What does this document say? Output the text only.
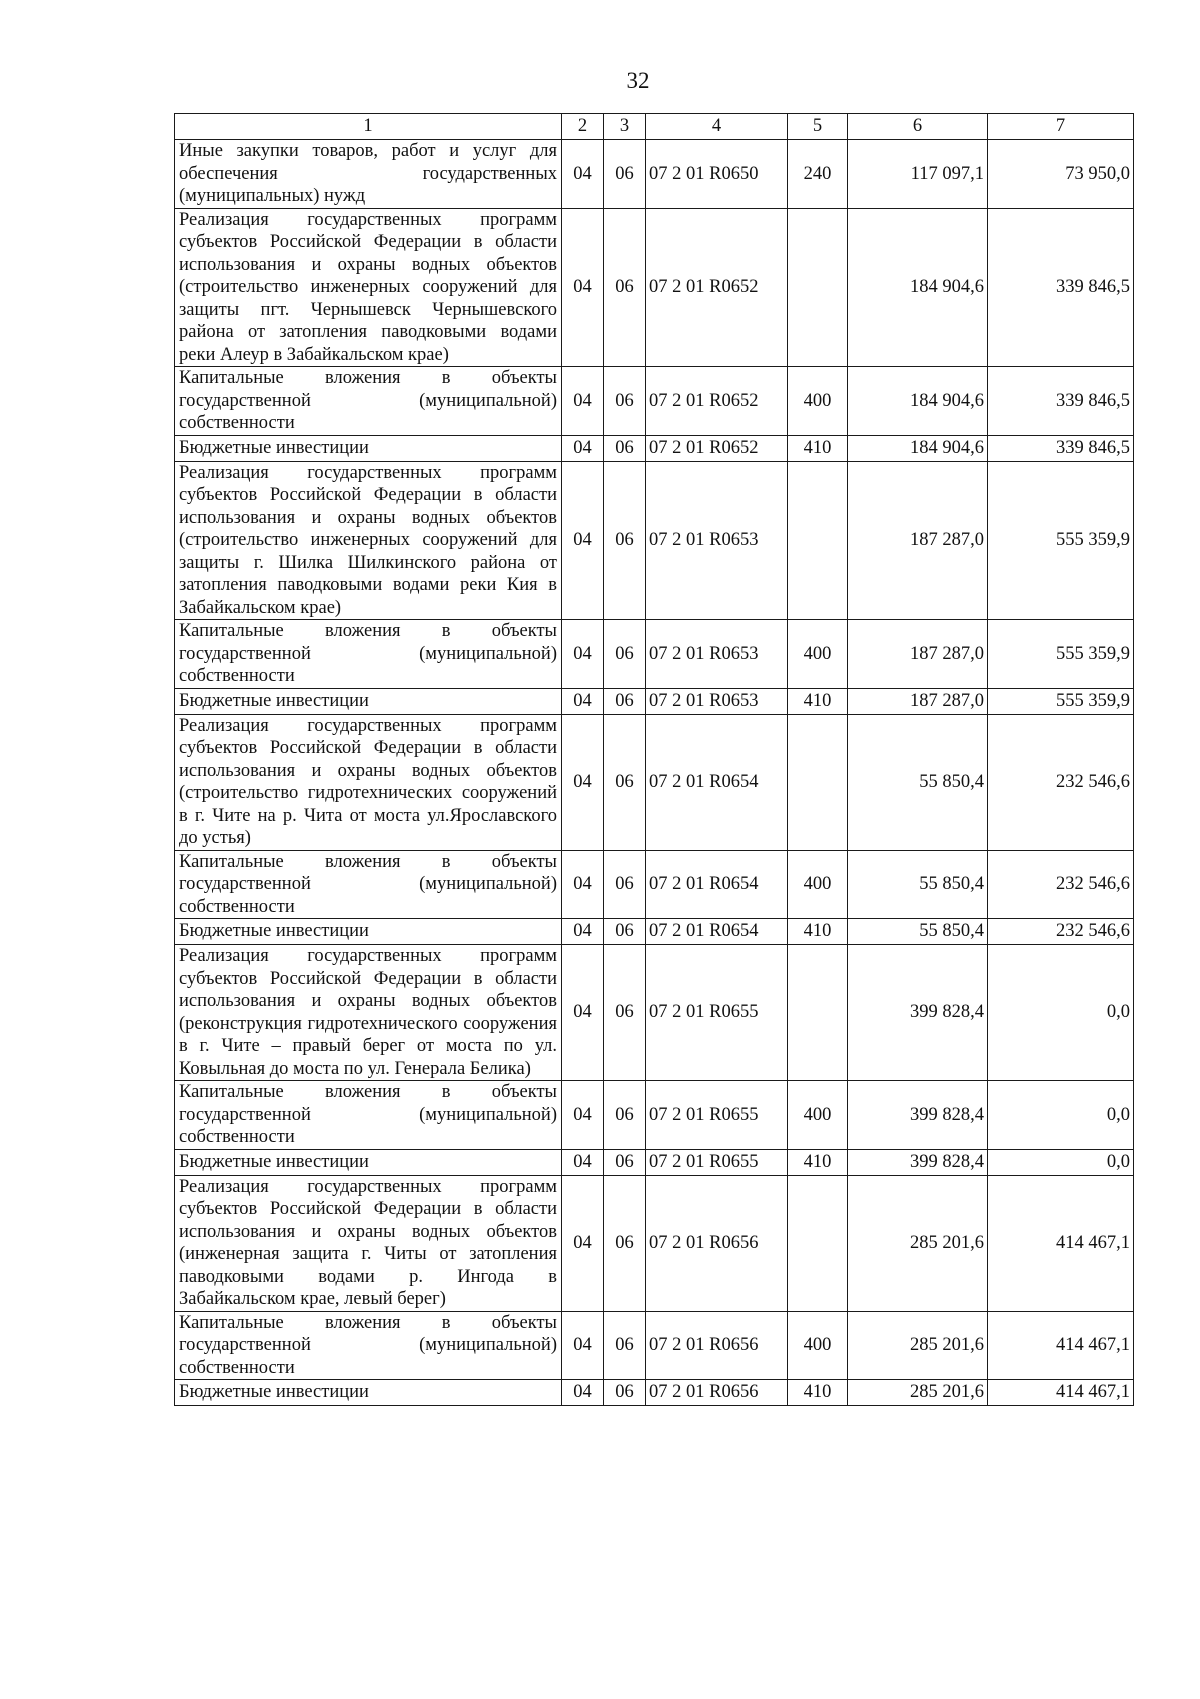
32
1	2	3	4	5	6	7
Иные закупки товаров, работ и услуг для обеспечения государственных (муниципальных) нужд	04	06	07 2 01 R0650	240	117 097,1	73 950,0
Реализация государственных программ субъектов Российской Федерации в области использования и охраны водных объектов (строительство инженерных сооружений для защиты пгт. Чернышевск Чернышевского района от затопления паводковыми водами реки Алеур в Забайкальском крае)	04	06	07 2 01 R0652		184 904,6	339 846,5
Капитальные вложения в объекты государственной (муниципальной) собственности	04	06	07 2 01 R0652	400	184 904,6	339 846,5
Бюджетные инвестиции	04	06	07 2 01 R0652	410	184 904,6	339 846,5
Реализация государственных программ субъектов Российской Федерации в области использования и охраны водных объектов (строительство инженерных сооружений для защиты г. Шилка Шилкинского района от затопления паводковыми водами реки Кия в Забайкальском крае)	04	06	07 2 01 R0653		187 287,0	555 359,9
Капитальные вложения в объекты государственной (муниципальной) собственности	04	06	07 2 01 R0653	400	187 287,0	555 359,9
Бюджетные инвестиции	04	06	07 2 01 R0653	410	187 287,0	555 359,9
Реализация государственных программ субъектов Российской Федерации в области использования и охраны водных объектов (строительство гидротехнических сооружений в г. Чите на р. Чита от моста ул.Ярославского до устья)	04	06	07 2 01 R0654		55 850,4	232 546,6
Капитальные вложения в объекты государственной (муниципальной) собственности	04	06	07 2 01 R0654	400	55 850,4	232 546,6
Бюджетные инвестиции	04	06	07 2 01 R0654	410	55 850,4	232 546,6
Реализация государственных программ субъектов Российской Федерации в области использования и охраны водных объектов (реконструкция гидротехнического сооружения в г. Чите – правый берег от моста по ул. Ковыльная до моста по ул. Генерала Белика)	04	06	07 2 01 R0655		399 828,4	0,0
Капитальные вложения в объекты государственной (муниципальной) собственности	04	06	07 2 01 R0655	400	399 828,4	0,0
Бюджетные инвестиции	04	06	07 2 01 R0655	410	399 828,4	0,0
Реализация государственных программ субъектов Российской Федерации в области использования и охраны водных объектов (инженерная защита г. Читы от затопления паводковыми водами р. Ингода в Забайкальском крае, левый берег)	04	06	07 2 01 R0656		285 201,6	414 467,1
Капитальные вложения в объекты государственной (муниципальной) собственности	04	06	07 2 01 R0656	400	285 201,6	414 467,1
Бюджетные инвестиции	04	06	07 2 01 R0656	410	285 201,6	414 467,1
